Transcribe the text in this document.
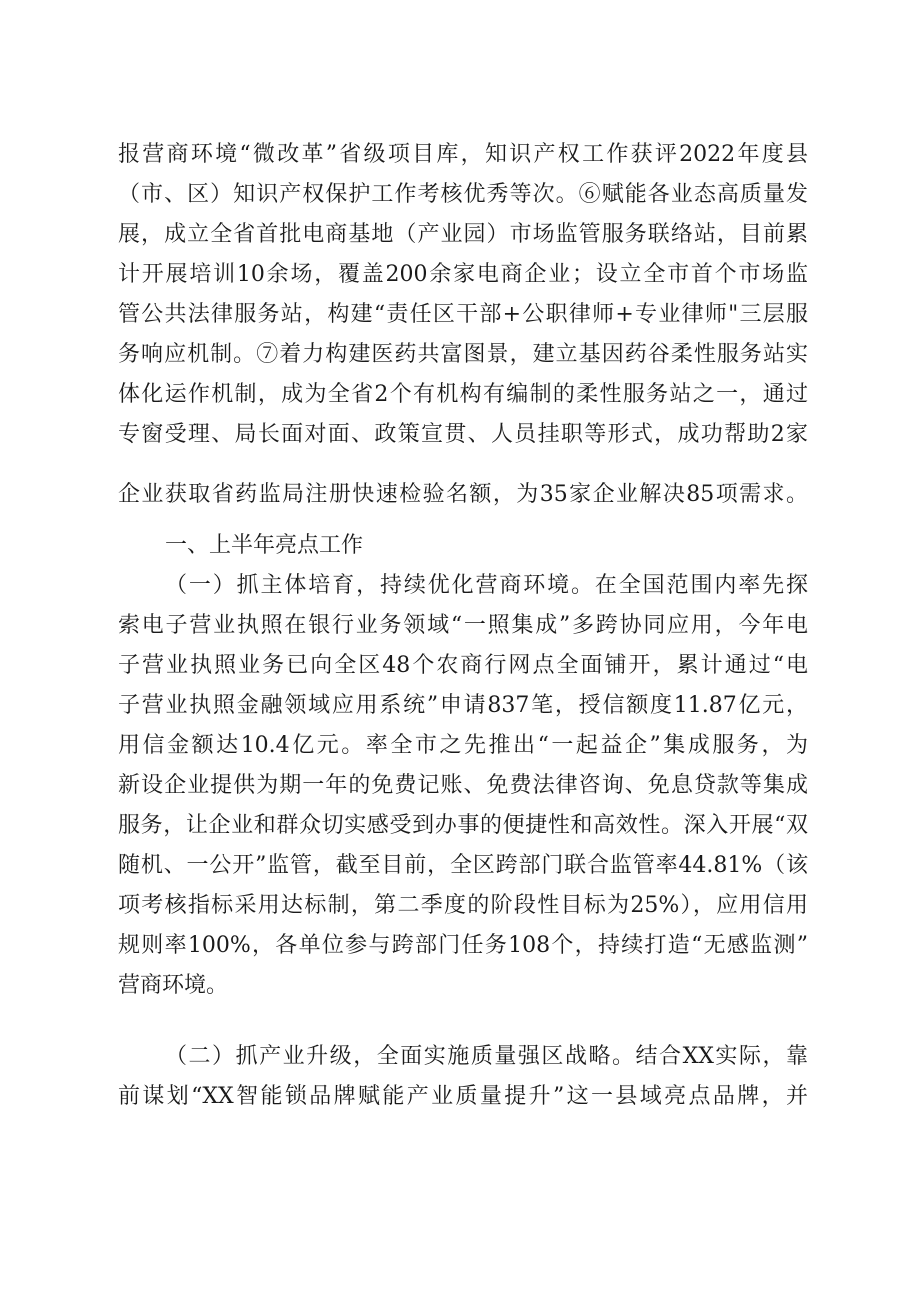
报营商环境“微改革”省级项目库，知识产权工作获评2022年度县
（市、区）知识产权保护工作考核优秀等次。⑥赋能各业态高质量发
展，成立全省首批电商基地（产业园）市场监管服务联络站，目前累
计开展培训10余场，覆盖200余家电商企业；设立全市首个市场监
管公共法律服务站，构建“责任区干部+公职律师+专业律师"三层服
务响应机制。⑦着力构建医药共富图景，建立基因药谷柔性服务站实
体化运作机制，成为全省2个有机构有编制的柔性服务站之一，通过
专窗受理、局长面对面、政策宣贯、人员挂职等形式，成功帮助2家
企业获取省药监局注册快速检验名额，为35家企业解决85项需求。
一、上半年亮点工作
（一）抓主体培育，持续优化营商环境。在全国范围内率先探
索电子营业执照在银行业务领域“一照集成”多跨协同应用，今年电
子营业执照业务已向全区48个农商行网点全面铺开，累计通过“电
子营业执照金融领域应用系统”申请837笔，授信额度11.87亿元，
用信金额达10.4亿元。率全市之先推出“一起益企”集成服务，为
新设企业提供为期一年的免费记账、免费法律咨询、免息贷款等集成
服务，让企业和群众切实感受到办事的便捷性和高效性。深入开展“双
随机、一公开”监管，截至目前，全区跨部门联合监管率44.81%（该
项考核指标采用达标制，第二季度的阶段性目标为25%），应用信用
规则率100%，各单位参与跨部门任务108个，持续打造“无感监测”
营商环境。
（二）抓产业升级，全面实施质量强区战略。结合XX实际，靠
前谋划“XX智能锁品牌赋能产业质量提升”这一县域亮点品牌，并
